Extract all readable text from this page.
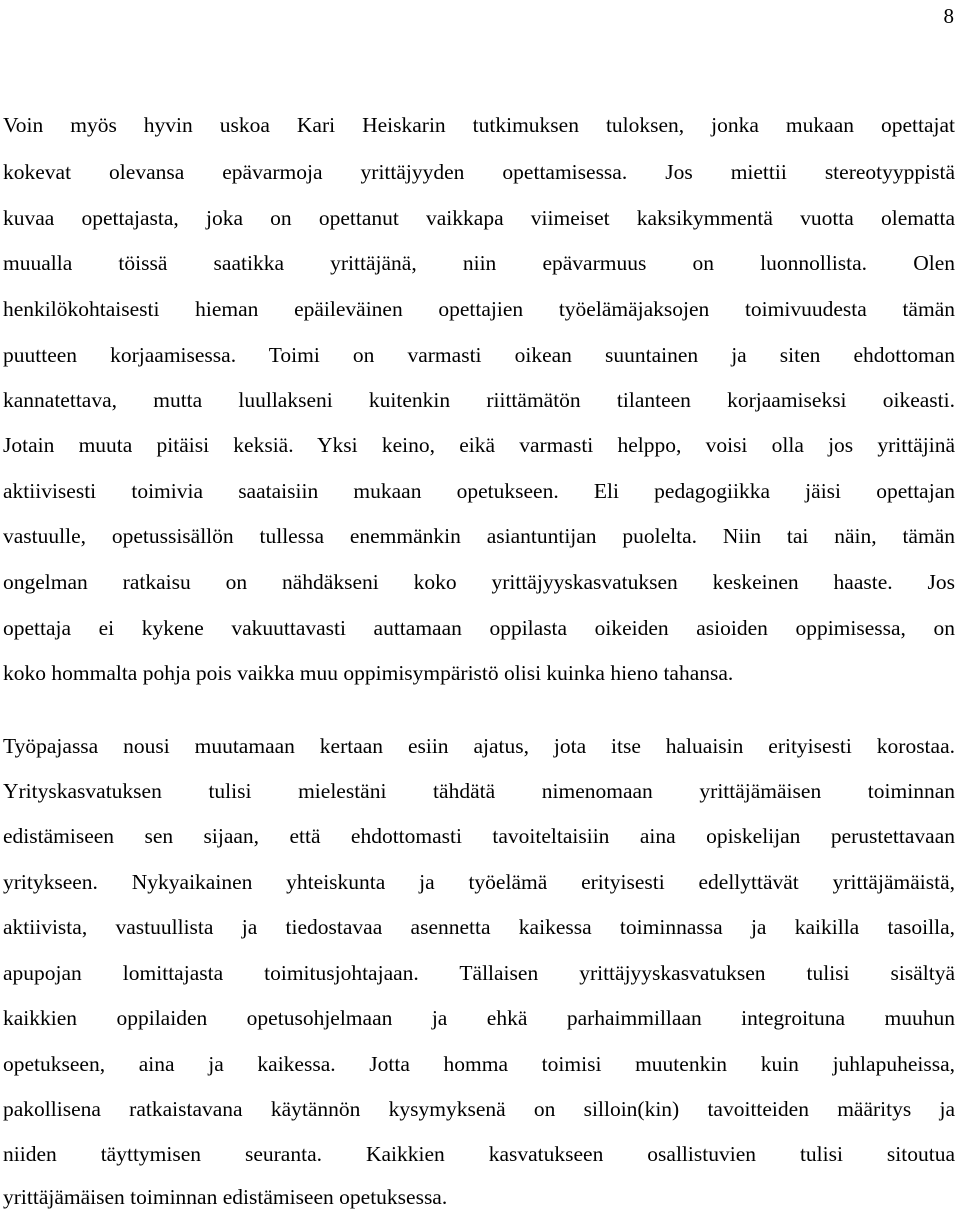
8
Voin myös hyvin uskoa Kari Heiskarin tutkimuksen tuloksen, jonka mukaan opettajat
kokevat olevansa epävarmoja yrittäjyyden opettamisessa. Jos miettii stereotyyppistä
kuvaa opettajasta, joka on opettanut vaikkapa viimeiset kaksikymmentä vuotta olematta
muualla töissä saatikka yrittäjänä, niin epävarmuus on luonnollista. Olen
henkilökohtaisesti hieman epäileväinen opettajien työelämäjaksojen toimivuudesta tämän
puutteen korjaamisessa. Toimi on varmasti oikean suuntainen ja siten ehdottoman
kannatettava, mutta luullakseni kuitenkin riittämätön tilanteen korjaamiseksi oikeasti.
Jotain muuta pitäisi keksiä. Yksi keino, eikä varmasti helppo, voisi olla jos yrittäjinä
aktiivisesti toimivia saataisiin mukaan opetukseen. Eli pedagogiikka jäisi opettajan
vastuulle, opetussisällön tullessa enemmänkin asiantuntijan puolelta. Niin tai näin, tämän
ongelman ratkaisu on nähdäkseni koko yrittäjyyskasvatuksen keskeinen haaste. Jos
opettaja ei kykene vakuuttavasti auttamaan oppilasta oikeiden asioiden oppimisessa, on
koko hommalta pohja pois vaikka muu oppimisympäristö olisi kuinka hieno tahansa.
Työpajassa nousi muutamaan kertaan esiin ajatus, jota itse haluaisin erityisesti korostaa.
Yrityskasvatuksen tulisi mielestäni tähdätä nimenomaan yrittäjämäisen toiminnan
edistämiseen sen sijaan, että ehdottomasti tavoiteltaisiin aina opiskelijan perustettavaan
yritykseen. Nykyaikainen yhteiskunta ja työelämä erityisesti edellyttävät yrittäjämäistä,
aktiivista, vastuullista ja tiedostavaa asennetta kaikessa toiminnassa ja kaikilla tasoilla,
apupojan lomittajasta toimitusjohtajaan. Tällaisen yrittäjyyskasvatuksen tulisi sisältyä
kaikkien oppilaiden opetusohjelmaan ja ehkä parhaimmillaan integroituna muuhun
opetukseen, aina ja kaikessa. Jotta homma toimisi muutenkin kuin juhlapuheissa,
pakollisena ratkaistavana käytännön kysymyksenä on silloin(kin) tavoitteiden määritys ja
niiden täyttymisen seuranta. Kaikkien kasvatukseen osallistuvien tulisi sitoutua
yrittäjämäisen toiminnan edistämiseen opetuksessa.
